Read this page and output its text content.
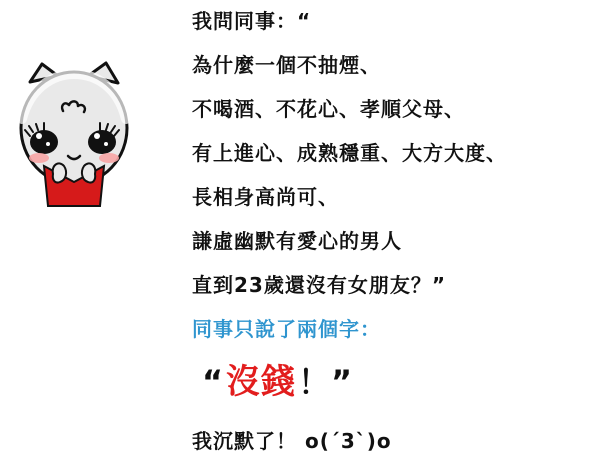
我問同事：“
為什麼一個不抽煙、
不喝酒、不花心、孝順父母、
有上進心、成熟穩重、大方大度、
長相身高尚可、
謙虛幽默有愛心的男人
直到23歲還沒有女朋友？”
同事只說了兩個字：
“沒錢！”
我沉默了！ o(ˊ3ˋ)o
